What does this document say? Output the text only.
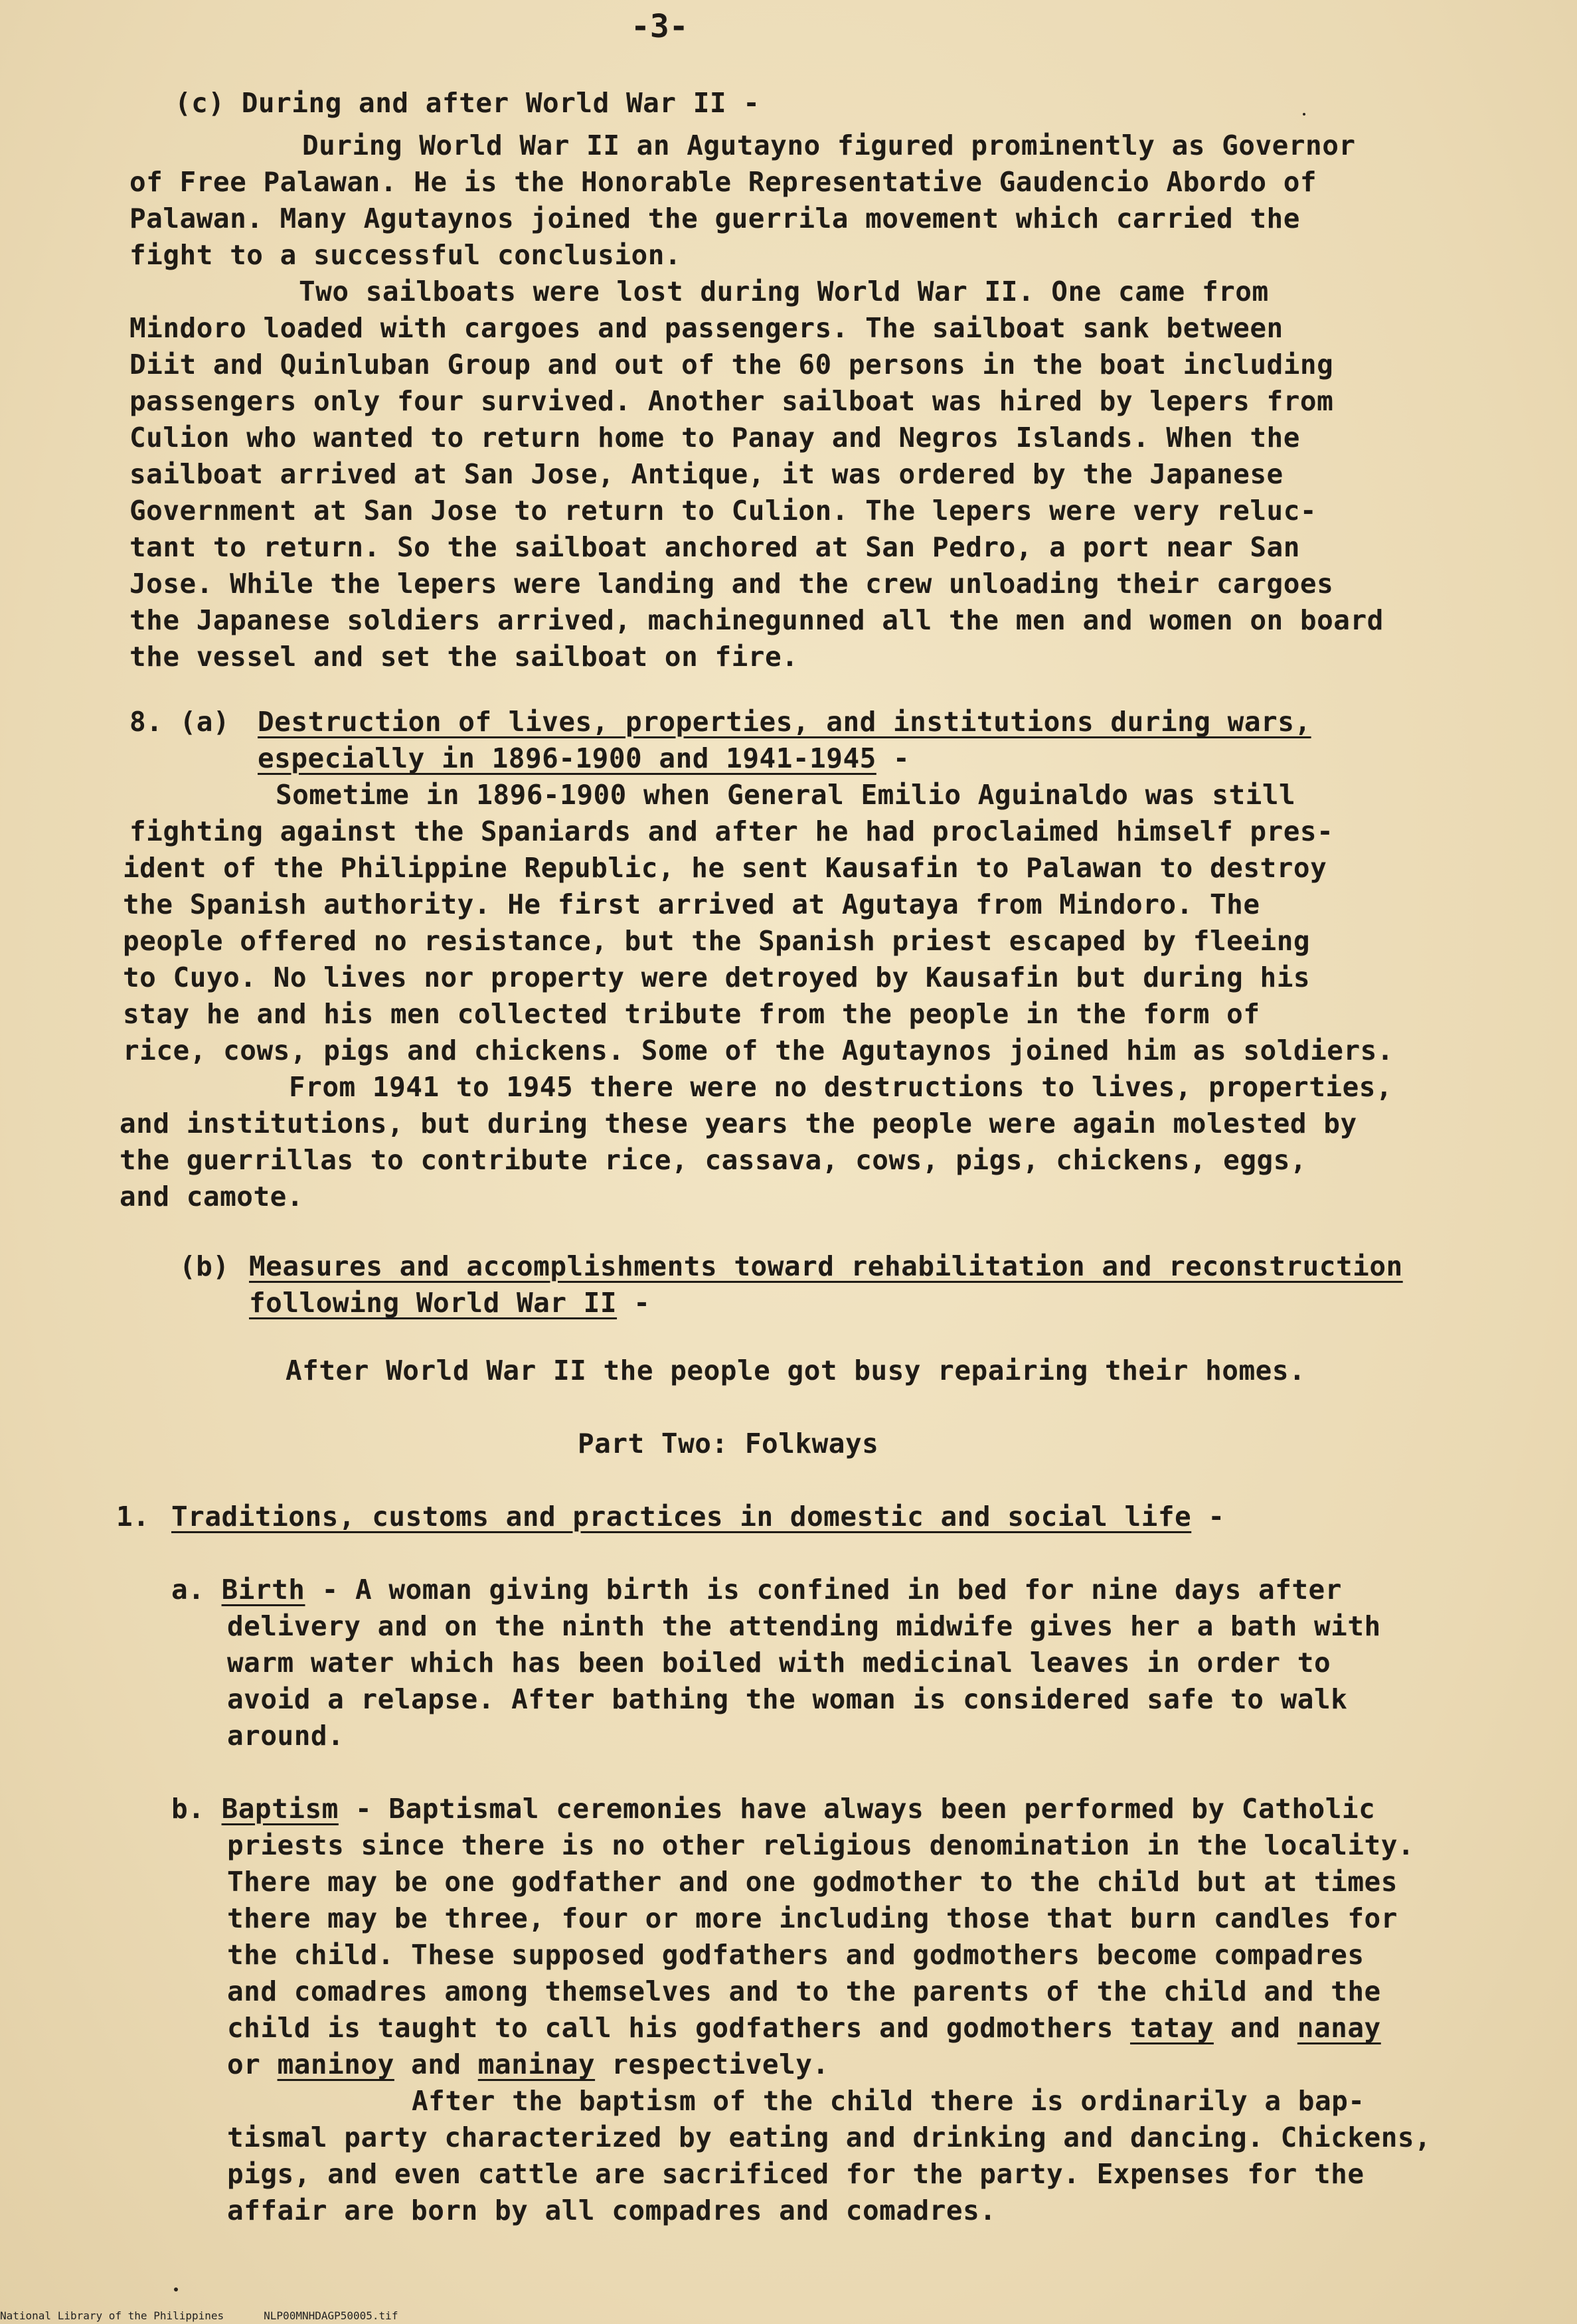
-3-
(c) During and after World War II -
During World War II an Agutayno figured prominently as Governor
of Free Palawan. He is the Honorable Representative Gaudencio Abordo of
Palawan. Many Agutaynos joined the guerrila movement which carried the
fight to a successful conclusion.
Two sailboats were lost during World War II. One came from
Mindoro loaded with cargoes and passengers. The sailboat sank between
Diit and Quinluban Group and out of the 60 persons in the boat including
passengers only four survived. Another sailboat was hired by lepers from
Culion who wanted to return home to Panay and Negros Islands. When the
sailboat arrived at San Jose, Antique, it was ordered by the Japanese
Government at San Jose to return to Culion. The lepers were very reluc-
tant to return. So the sailboat anchored at San Pedro, a port near San
Jose. While the lepers were landing and the crew unloading their cargoes
the Japanese soldiers arrived, machinegunned all the men and women on board
the vessel and set the sailboat on fire.
8. (a) Destruction of lives, properties, and institutions during wars,
especially in 1896-1900 and 1941-1945 -
Sometime in 1896-1900 when General Emilio Aguinaldo was still
fighting against the Spaniards and after he had proclaimed himself pres-
ident of the Philippine Republic, he sent Kausafin to Palawan to destroy
the Spanish authority. He first arrived at Agutaya from Mindoro. The
people offered no resistance, but the Spanish priest escaped by fleeing
to Cuyo. No lives nor property were detroyed by Kausafin but during his
stay he and his men collected tribute from the people in the form of
rice, cows, pigs and chickens. Some of the Agutaynos joined him as soldiers.
From 1941 to 1945 there were no destructions to lives, properties,
and institutions, but during these years the people were again molested by
the guerrillas to contribute rice, cassava, cows, pigs, chickens, eggs,
and camote.
(b) Measures and accomplishments toward rehabilitation and reconstruction
following World War II -
After World War II the people got busy repairing their homes.
Part Two: Folkways
1. Traditions, customs and practices in domestic and social life -
a. Birth - A woman giving birth is confined in bed for nine days after
delivery and on the ninth the attending midwife gives her a bath with
warm water which has been boiled with medicinal leaves in order to
avoid a relapse. After bathing the woman is considered safe to walk
around.
b. Baptism - Baptismal ceremonies have always been performed by Catholic
priests since there is no other religious denomination in the locality.
There may be one godfather and one godmother to the child but at times
there may be three, four or more including those that burn candles for
the child. These supposed godfathers and godmothers become compadres
and comadres among themselves and to the parents of the child and the
child is taught to call his godfathers and godmothers tatay and nanay
or maninoy and maninay respectively.
After the baptism of the child there is ordinarily a bap-
tismal party characterized by eating and drinking and dancing. Chickens,
pigs, and even cattle are sacrificed for the party. Expenses for the
affair are born by all compadres and comadres.
National Library of the Philippines	NLP00MNHDAGP50005.tif
